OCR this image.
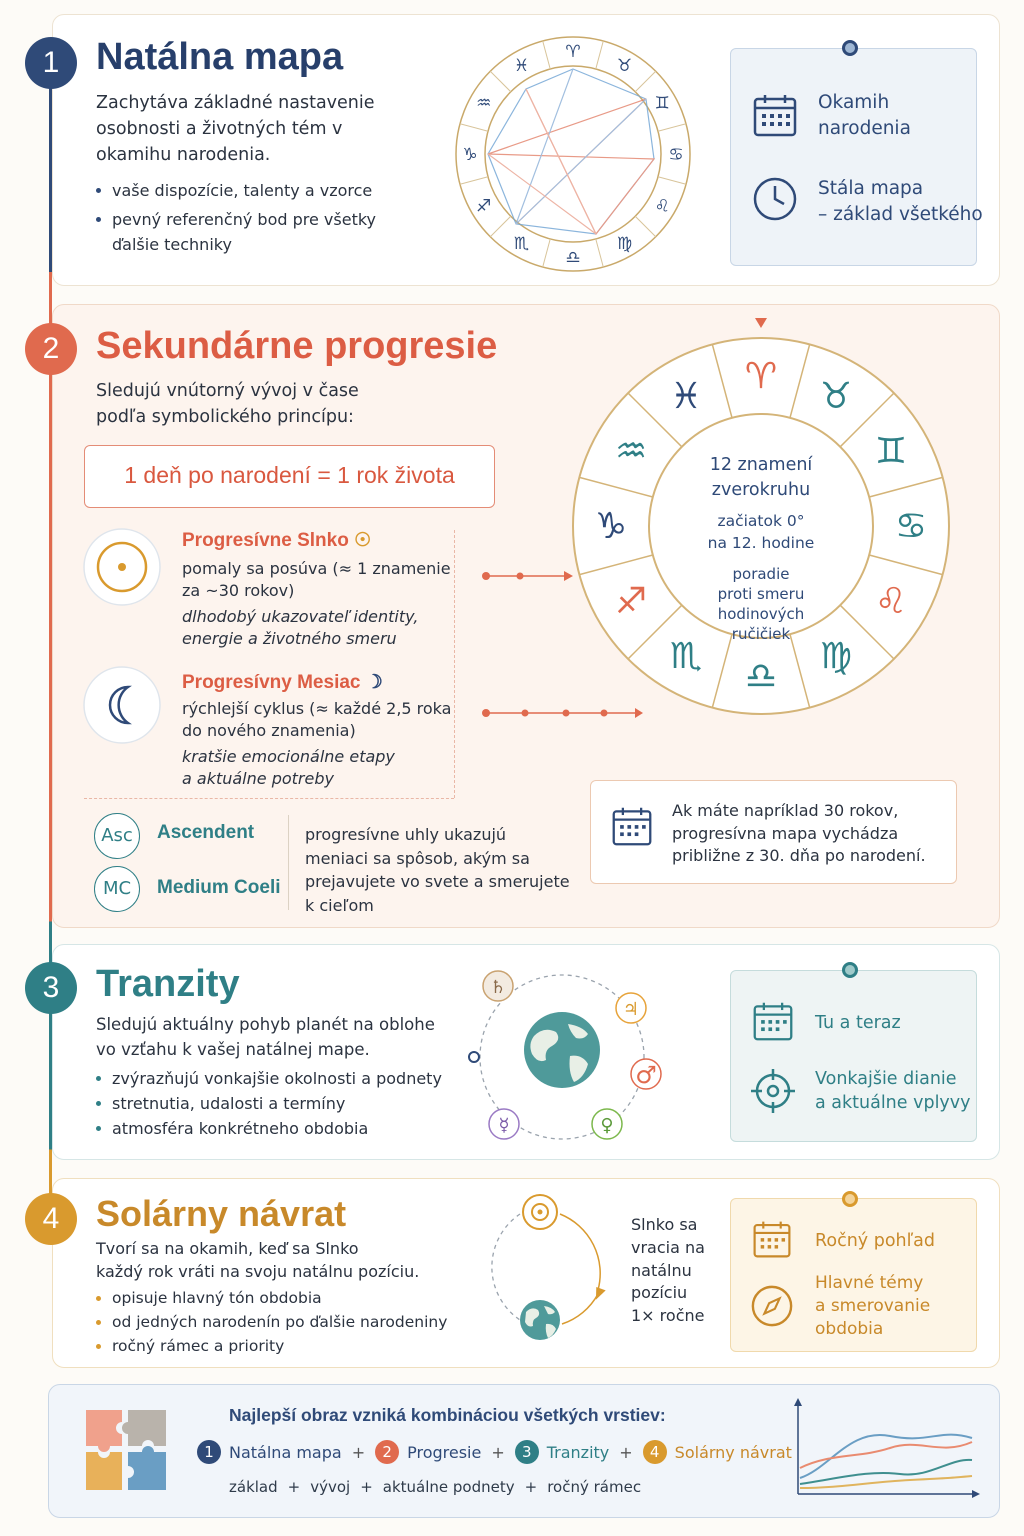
1 Natálna mapa
Zachytáva základné nastavenie
osobnosti a životných tém v
okamihu narodenia.
vaše dispozície, talenty a vzorce
pevný referenčný bod pre všetky
ďalšie techniky
♈
♉
♊
♋
♌
♍
♎
♏
♐
♑
♒
♓
Okamih
narodenia
Stála mapa
– základ všetkého
2 Sekundárne progresie
Sledujú vnútorný vývoj v čase
podľa symbolického princípu:
1 deň po narodení = 1 rok života
Progresívne Slnko ☉
pomaly sa posúva (≈ 1 znamenie
za ~30 rokov)
dlhodobý ukazovateľ identity,
energie a životného smeru
Progresívny Mesiac ☽
rýchlejší cyklus (≈ každé 2,5 roka
do nového znamenia)
kratšie emocionálne etapy
a aktuálne potreby
Asc	Ascendent
MC	Medium Coeli
progresívne uhly ukazujú
meniaci sa spôsob, akým sa
prejavujete vo svete a smerujete
k cieľom
♈
♓
♒
♑
♐
♏ ♎ ♍
♌
♋
♊
♉
12 znamení
zverokruhu
začiatok 0°
na 12. hodine
poradie
proti smeru
hodinových
ručičiek
Ak máte napríklad 30 rokov,
progresívna mapa vychádza
približne z 30. dňa po narodení.
3 Tranzity
Sledujú aktuálny pohyb planét na oblohe
vo vzťahu k vašej natálnej mape.
zvýrazňujú vonkajšie okolnosti a podnety
stretnutia, udalosti a termíny
atmosféra konkrétneho obdobia
♄
♃
♂
♀
☿
Tu a teraz
Vonkajšie dianie
a aktuálne vplyvy
4	Solárny návrat
Tvorí sa na okamih, keď sa Slnko
každý rok vráti na svoju natálnu pozíciu.
opisuje hlavný tón obdobia
od jedných narodenín po ďalšie narodeniny
ročný rámec a priority
Slnko sa
vracia na
natálnu
pozíciu
1× ročne
Ročný pohľad
Hlavné témy
a smerovanie
obdobia
Najlepší obraz vzniká kombináciou všetkých vrstiev:
1 Natálna mapa +	2 Progresie +	3 Tranzity +	4 Solárny návrat
základ + vývoj + aktuálne podnety + ročný rámec
